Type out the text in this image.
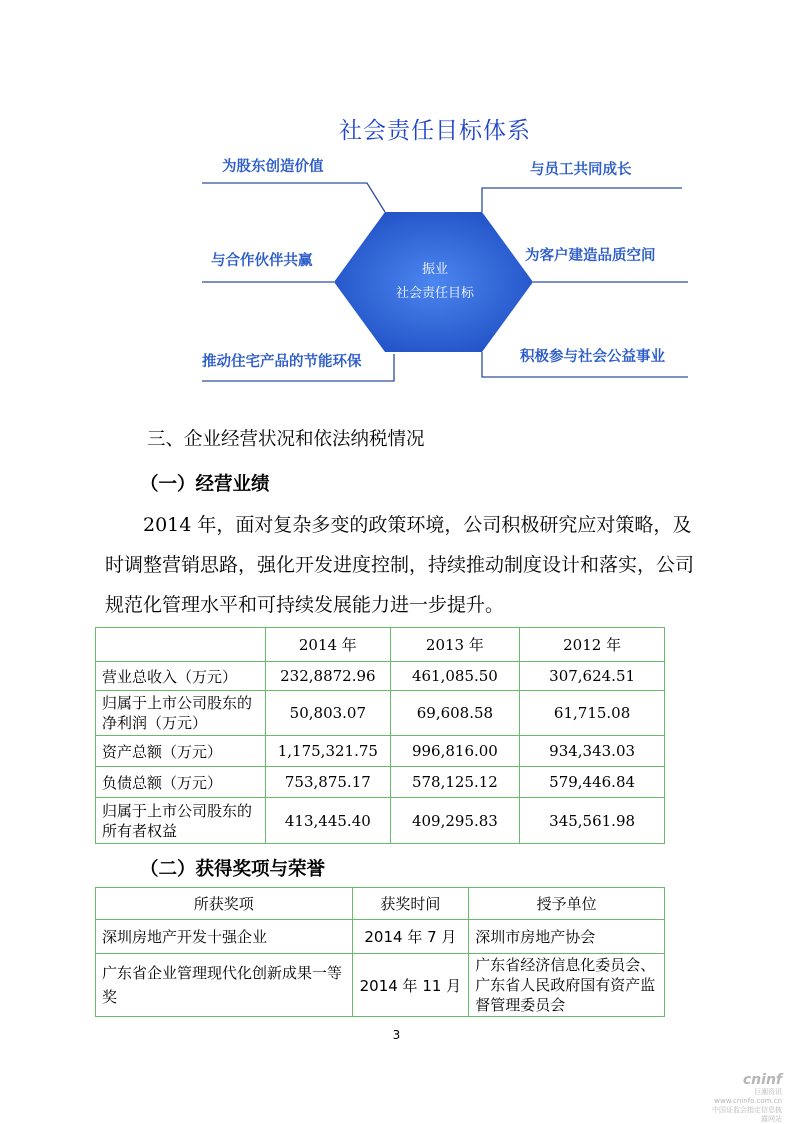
社会责任目标体系
振业
社会责任目标
为股东创造价值
与合作伙伴共赢
推动住宅产品的节能环保
与员工共同成长
为客户建造品质空间
积极参与社会公益事业
三、企业经营状况和依法纳税情况
（一）经营业绩
2014 年，面对复杂多变的政策环境，公司积极研究应对策略，及时调整营销思路，强化开发进度控制，持续推动制度设计和落实，公司规范化管理水平和可持续发展能力进一步提升。
	2014 年	2013 年	2012 年
营业总收入（万元）	232,8872.96	461,085.50	307,624.51
归属于上市公司股东的净利润（万元）	50,803.07	69,608.58	61,715.08
资产总额（万元）	1,175,321.75	996,816.00	934,343.03
负债总额（万元）	753,875.17	578,125.12	579,446.84
归属于上市公司股东的所有者权益	413,445.40	409,295.83	345,561.98
（二）获得奖项与荣誉
所获奖项	获奖时间	授予单位
深圳房地产开发十强企业	2014 年 7 月	深圳市房地产协会
广东省企业管理现代化创新成果一等奖	2014 年 11 月	广东省经济信息化委员会、广东省人民政府国有资产监督管理委员会
3
cninf
巨潮资讯
www.cninfo.com.cn
中国证监会指定信息披露网站
